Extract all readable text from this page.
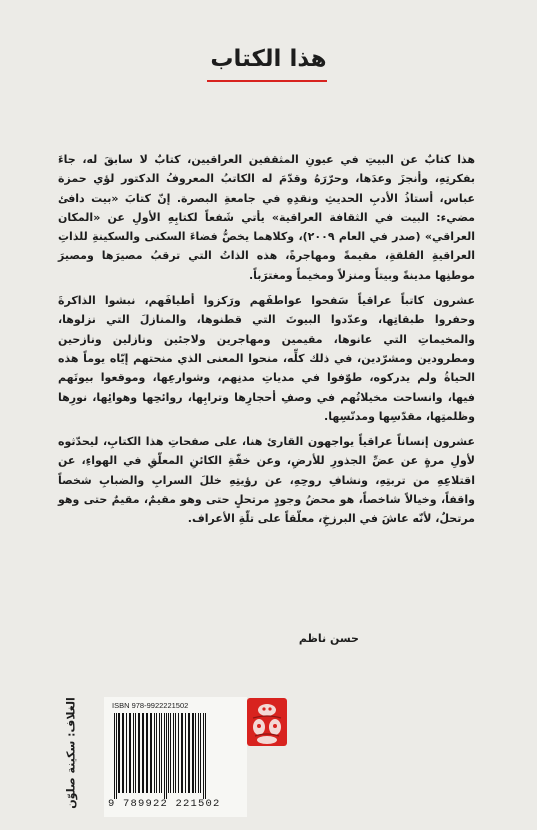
هذا الكتاب

هذا كتابٌ عن البيتِ في عيونِ المثقفين العراقيين، كتابٌ لا سابقَ له، جاءَ بفكرتِهِ، وأنجزَ وعدَها، وحرّرَهُ وقدّمَ له الكاتبُ المعروفُ الدكتور لؤي حمزة عباس، أستاذُ الأدبِ الحديثِ ونقدِهِ في جامعةِ البصرة. إنّ كتابَ «بيت دافئ مضيء: البيت في الثقافة العراقية» يأتي شَفعاً لكتابِهِ الأولِ عن «المكان العراقي» (صدر في العام ٢٠٠٩)، وكلاهما يخصُّ فضاءَ السكنى والسكينةِ للذاتِ العراقيةِ القلقةِ، مقيمةً ومهاجرةً، هذه الذاتُ التي ترقبُ مصيرَها ومصيرَ موطنِها مدينةً وبيتاً ومنزلاً ومخيماً ومغترَباً.

عشرون كاتباً عراقياً سَفحوا عواطفَهم ورَكزوا أطيافَهم، نبشوا الذاكرةَ وحفروا طبقاتِها، وعدّدوا البيوتَ التي قطنوها، والمنازلَ التي نزلوها، والمخيماتِ التي عانوها، مقيمين ومهاجرين ولاجئين ونازلين ونازحين ومطرودين ومشرّدين، في ذلك كلِّه، منحوا المعنى الذي منحتهم إيّاه يوماً هذه الحياةُ ولم يدركوه، طوّفوا في مدياتِ مدنِهم، وشوارعِها، وموقعوا بيوتَهم فيها، وانساحت مخيلاتُهم في وصفِ أحجارِها وترابِها، روائحِها وهوائِها، نورِها وظلمتِها، مقدّسِها ومدنّسِها.

عشرون إنساناً عراقياً يواجهون القارئ هنا، على صفحاتِ هذا الكتابِ، ليحدّثوه لأولِ مرةٍ عن عضِّ الجذورِ للأرضِ، وعن خفّةِ الكائنِ المعلّقِ في الهواءِ، عن اقتلاعِهِ من تربتِهِ، ونشافِ روحِهِ، عن رؤيتِهِ خللَ السرابِ والضبابِ شخصاً واقفاً، وخيالاً شاخصاً، هو محضُ وجودٍ مرتحلٍ حتى وهو مقيمٌ، مقيمٌ حتى وهو مرتحلٌ، لأنّه عاشَ في البرزخِ، معلّقاً على تلّةِ الأعراف.

حسن ناظم
الغلاف: سكينة صلوّن	ISBN 978-9922221502
9 789922 221502
